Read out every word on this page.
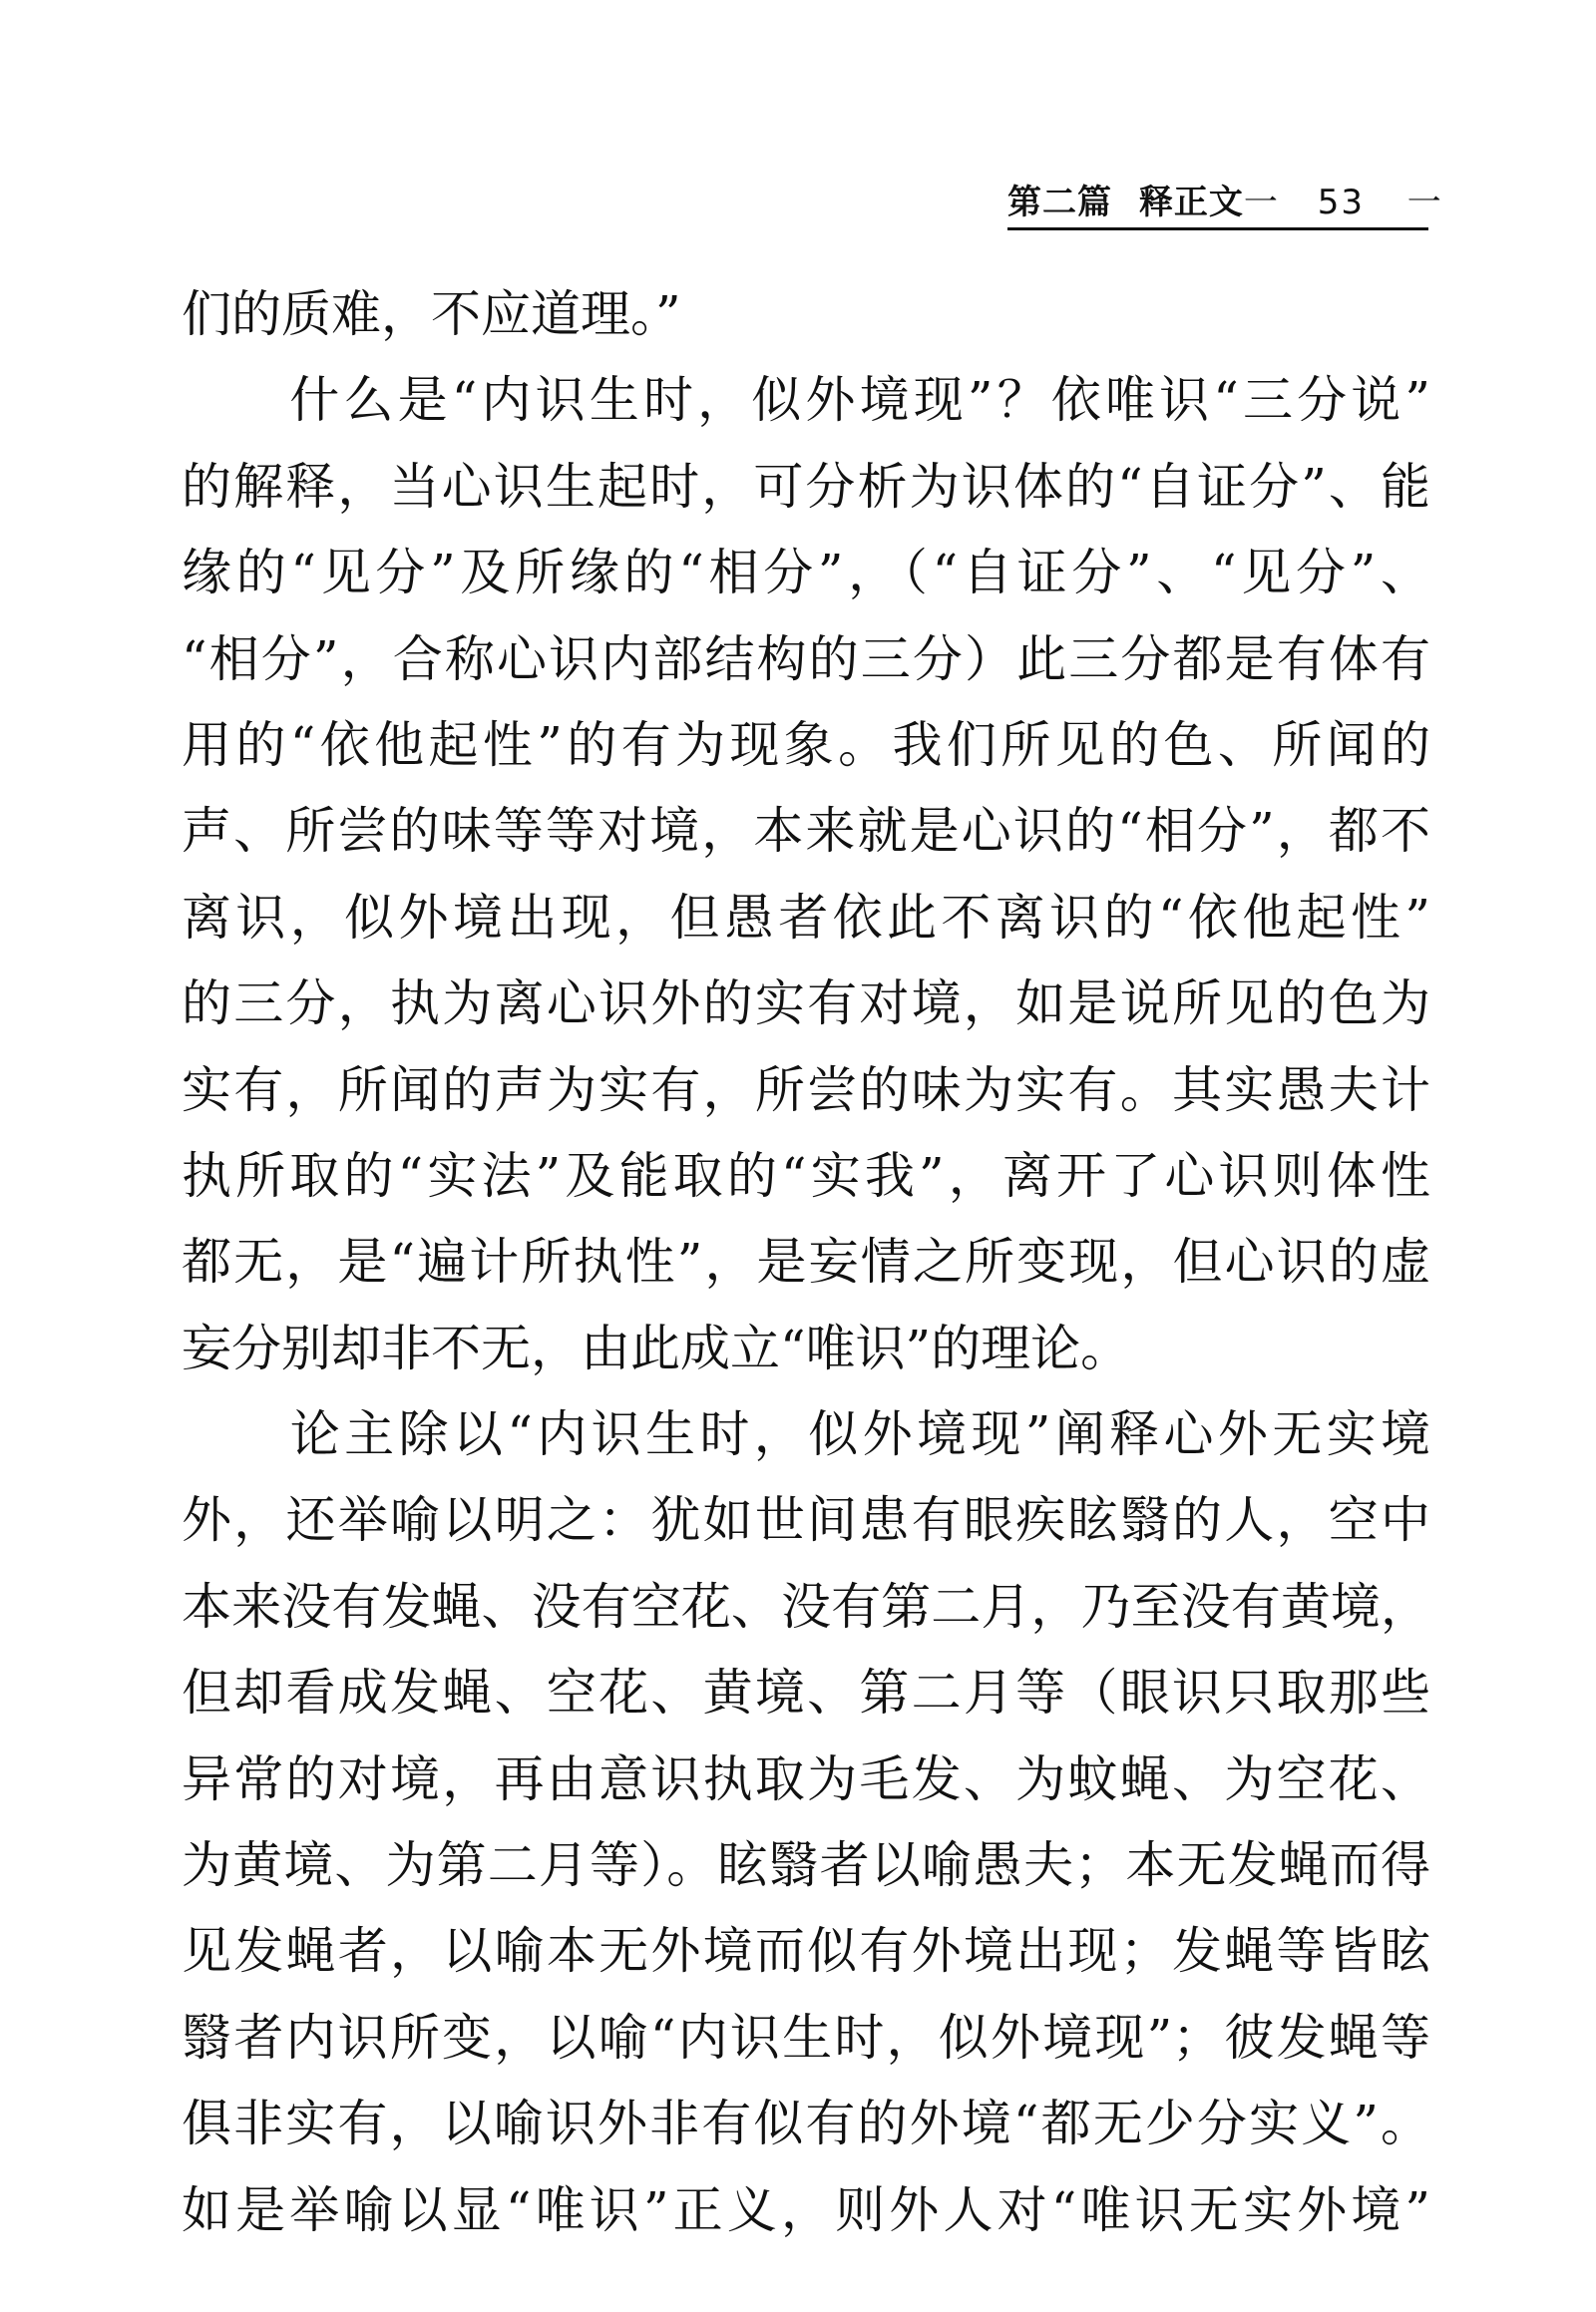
第二篇 释正文一 53 一
们的质难，不应道理。”
　　什么是“内识生时，似外境现”？依唯识“三分说”
的解释，当心识生起时，可分析为识体的“自证分”、能
缘的“见分”及所缘的“相分”，（“自证分”、“见分”、
“相分”，合称心识内部结构的三分）此三分都是有体有
用的“依他起性”的有为现象。我们所见的色、所闻的
声、所尝的味等等对境，本来就是心识的“相分”，都不
离识，似外境出现，但愚者依此不离识的“依他起性”
的三分，执为离心识外的实有对境，如是说所见的色为
实有，所闻的声为实有，所尝的味为实有。其实愚夫计
执所取的“实法”及能取的“实我”，离开了心识则体性
都无，是“遍计所执性”，是妄情之所变现，但心识的虚
妄分别却非不无，由此成立“唯识”的理论。
　　论主除以“内识生时，似外境现”阐释心外无实境
外，还举喻以明之：犹如世间患有眼疾眩翳的人，空中
本来没有发蝇、没有空花、没有第二月，乃至没有黄境，
但却看成发蝇、空花、黄境、第二月等（眼识只取那些
异常的对境，再由意识执取为毛发、为蚊蝇、为空花、
为黄境、为第二月等）。眩翳者以喻愚夫；本无发蝇而得
见发蝇者，以喻本无外境而似有外境出现；发蝇等皆眩
翳者内识所变，以喻“内识生时，似外境现”；彼发蝇等
俱非实有，以喻识外非有似有的外境“都无少分实义”。
如是举喻以显“唯识”正义，则外人对“唯识无实外境”
